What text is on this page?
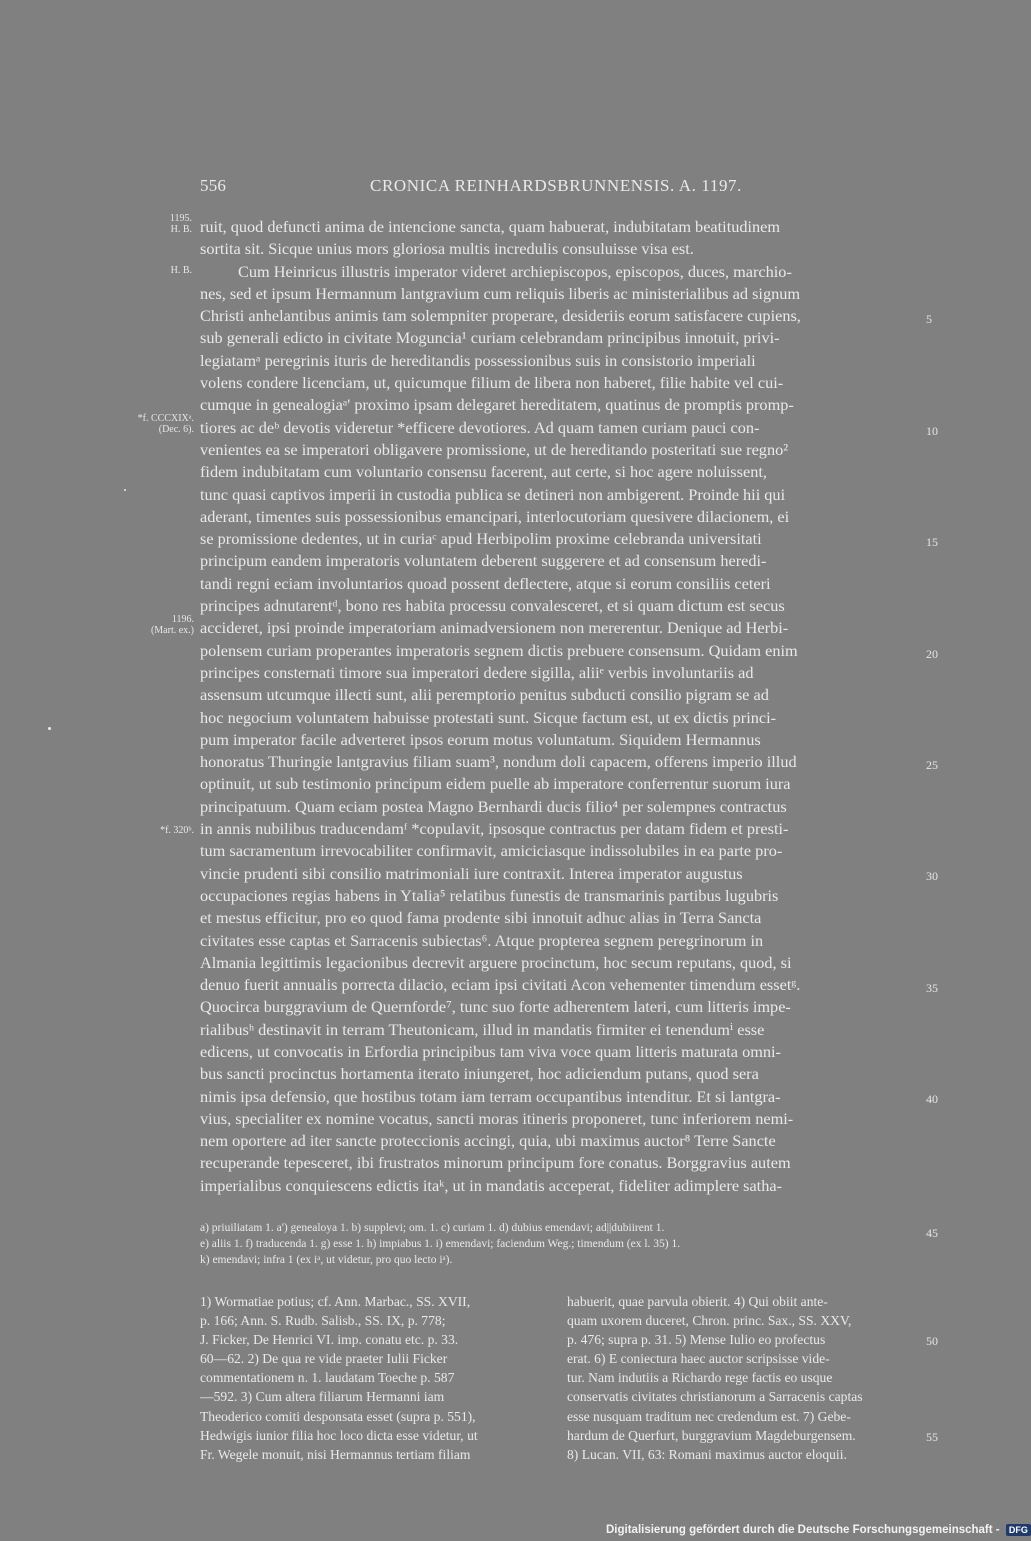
556	CRONICA REINHARDSBRUNNENSIS. A. 1197.
1195.
H. B.
H. B.
*f. CCCXIXᵃ.
(Dec. 6).
1196.
(Mart. ex.)
*f. 320ᵇ.
5
10
15
20
25
30
35
40
45
50
55
ruit, quod defuncti anima de intencione sancta, quam habuerat, indubitatam beatitudinem
sortita sit. Sicque unius mors gloriosa multis incredulis consuluisse visa est.
Cum Heinricus illustris imperator videret archiepiscopos, episcopos, duces, marchio-
nes, sed et ipsum Hermannum lantgravium cum reliquis liberis ac ministerialibus ad signum
Christi anhelantibus animis tam solempniter properare, desideriis eorum satisfacere cupiens,
sub generali edicto in civitate Moguncia¹ curiam celebrandam principibus innotuit, privi-
legiatamᵃ peregrinis ituris de hereditandis possessionibus suis in consistorio imperiali
volens condere licenciam, ut, quicumque filium de libera non haberet, filie habite vel cui-
cumque in genealogiaᵃ' proximo ipsam delegaret hereditatem, quatinus de promptis promp-
tiores ac deᵇ devotis videretur *efficere devotiores. Ad quam tamen curiam pauci con-
venientes ea se imperatori obligavere promissione, ut de hereditando posteritati sue regno²
fidem indubitatam cum voluntario consensu facerent, aut certe, si hoc agere noluissent,
tunc quasi captivos imperii in custodia publica se detineri non ambigerent. Proinde hii qui
aderant, timentes suis possessionibus emancipari, interlocutoriam quesivere dilacionem, ei
se promissione dedentes, ut in curiaᶜ apud Herbipolim proxime celebranda universitati
principum eandem imperatoris voluntatem deberent suggerere et ad consensum heredi-
tandi regni eciam involuntarios quoad possent deflectere, atque si eorum consiliis ceteri
principes adnutarentᵈ, bono res habita processu convalesceret, et si quam dictum est secus
accideret, ipsi proinde imperatoriam animadversionem non mererentur. Denique ad Herbi-
polensem curiam properantes imperatoris segnem dictis prebuere consensum. Quidam enim
principes consternati timore sua imperatori dedere sigilla, aliiᵉ verbis involuntariis ad
assensum utcumque illecti sunt, alii peremptorio penitus subducti consilio pigram se ad
hoc negocium voluntatem habuisse protestati sunt. Sicque factum est, ut ex dictis princi-
pum imperator facile adverteret ipsos eorum motus voluntatum. Siquidem Hermannus
honoratus Thuringie lantgravius filiam suam³, nondum doli capacem, offerens imperio illud
optinuit, ut sub testimonio principum eidem puelle ab imperatore conferrentur suorum iura
principatuum. Quam eciam postea Magno Bernhardi ducis filio⁴ per solempnes contractus
in annis nubilibus traducendamᶠ *copulavit, ipsosque contractus per datam fidem et presti-
tum sacramentum irrevocabiliter confirmavit, amiciciasque indissolubiles in ea parte pro-
vincie prudenti sibi consilio matrimoniali iure contraxit. Interea imperator augustus
occupaciones regias habens in Ytalia⁵ relatibus funestis de transmarinis partibus lugubris
et mestus efficitur, pro eo quod fama prodente sibi innotuit adhuc alias in Terra Sancta
civitates esse captas et Sarracenis subiectas⁶. Atque propterea segnem peregrinorum in
Almania legittimis legacionibus decrevit arguere procinctum, hoc secum reputans, quod, si
denuo fuerit annualis porrecta dilacio, eciam ipsi civitati Acon vehementer timendum essetᵍ.
Quocirca burggravium de Quernforde⁷, tunc suo forte adherentem lateri, cum litteris impe-
rialibusʰ destinavit in terram Theutonicam, illud in mandatis firmiter ei tenendumⁱ esse
edicens, ut convocatis in Erfordia principibus tam viva voce quam litteris maturata omni-
bus sancti procinctus hortamenta iterato iniungeret, hoc adiciendum putans, quod sera
nimis ipsa defensio, que hostibus totam iam terram occupantibus intenditur. Et si lantgra-
vius, specialiter ex nomine vocatus, sancti moras itineris proponeret, tunc inferiorem nemi-
nem oportere ad iter sancte proteccionis accingi, quia, ubi maximus auctor⁸ Terre Sancte
recuperande tepesceret, ibi frustratos minorum principum fore conatus. Borggravius autem
imperialibus conquiescens edictis itaᵏ, ut in mandatis acceperat, fideliter adimplere satha-
a) priuiliatam 1. a') genealoya 1. b) supplevi; om. 1. c) curiam 1. d) dubius emendavi; ad||dubiirent 1.
e) aliis 1. f) traducenda 1. g) esse 1. h) impiabus 1. i) emendavi; faciendum Weg.; timendum (ex l. 35) 1.
k) emendavi; infra 1 (ex iᵃ, ut videtur, pro quo lecto iᵃ).
1) Wormatiae potius; cf. Ann. Marbac., SS. XVII,
p. 166; Ann. S. Rudb. Salisb., SS. IX, p. 778;
J. Ficker, De Henrici VI. imp. conatu etc. p. 33.
60—62. 2) De qua re vide praeter Iulii Ficker
commentationem n. 1. laudatam Toeche p. 587
—592. 3) Cum altera filiarum Hermanni iam
Theoderico comiti desponsata esset (supra p. 551),
Hedwigis iunior filia hoc loco dicta esse videtur, ut
Fr. Wegele monuit, nisi Hermannus tertiam filiam
habuerit, quae parvula obierit. 4) Qui obiit ante-
quam uxorem duceret, Chron. princ. Sax., SS. XXV,
p. 476; supra p. 31. 5) Mense Iulio eo profectus
erat. 6) E coniectura haec auctor scripsisse vide-
tur. Nam indutiis a Richardo rege factis eo usque
conservatis civitates christianorum a Sarracenis captas
esse nusquam traditum nec credendum est. 7) Gebe-
hardum de Querfurt, burggravium Magdeburgensem.
8) Lucan. VII, 63: Romani maximus auctor eloquii.
Digitalisierung gefördert durch die Deutsche Forschungsgemeinschaft - DFG
